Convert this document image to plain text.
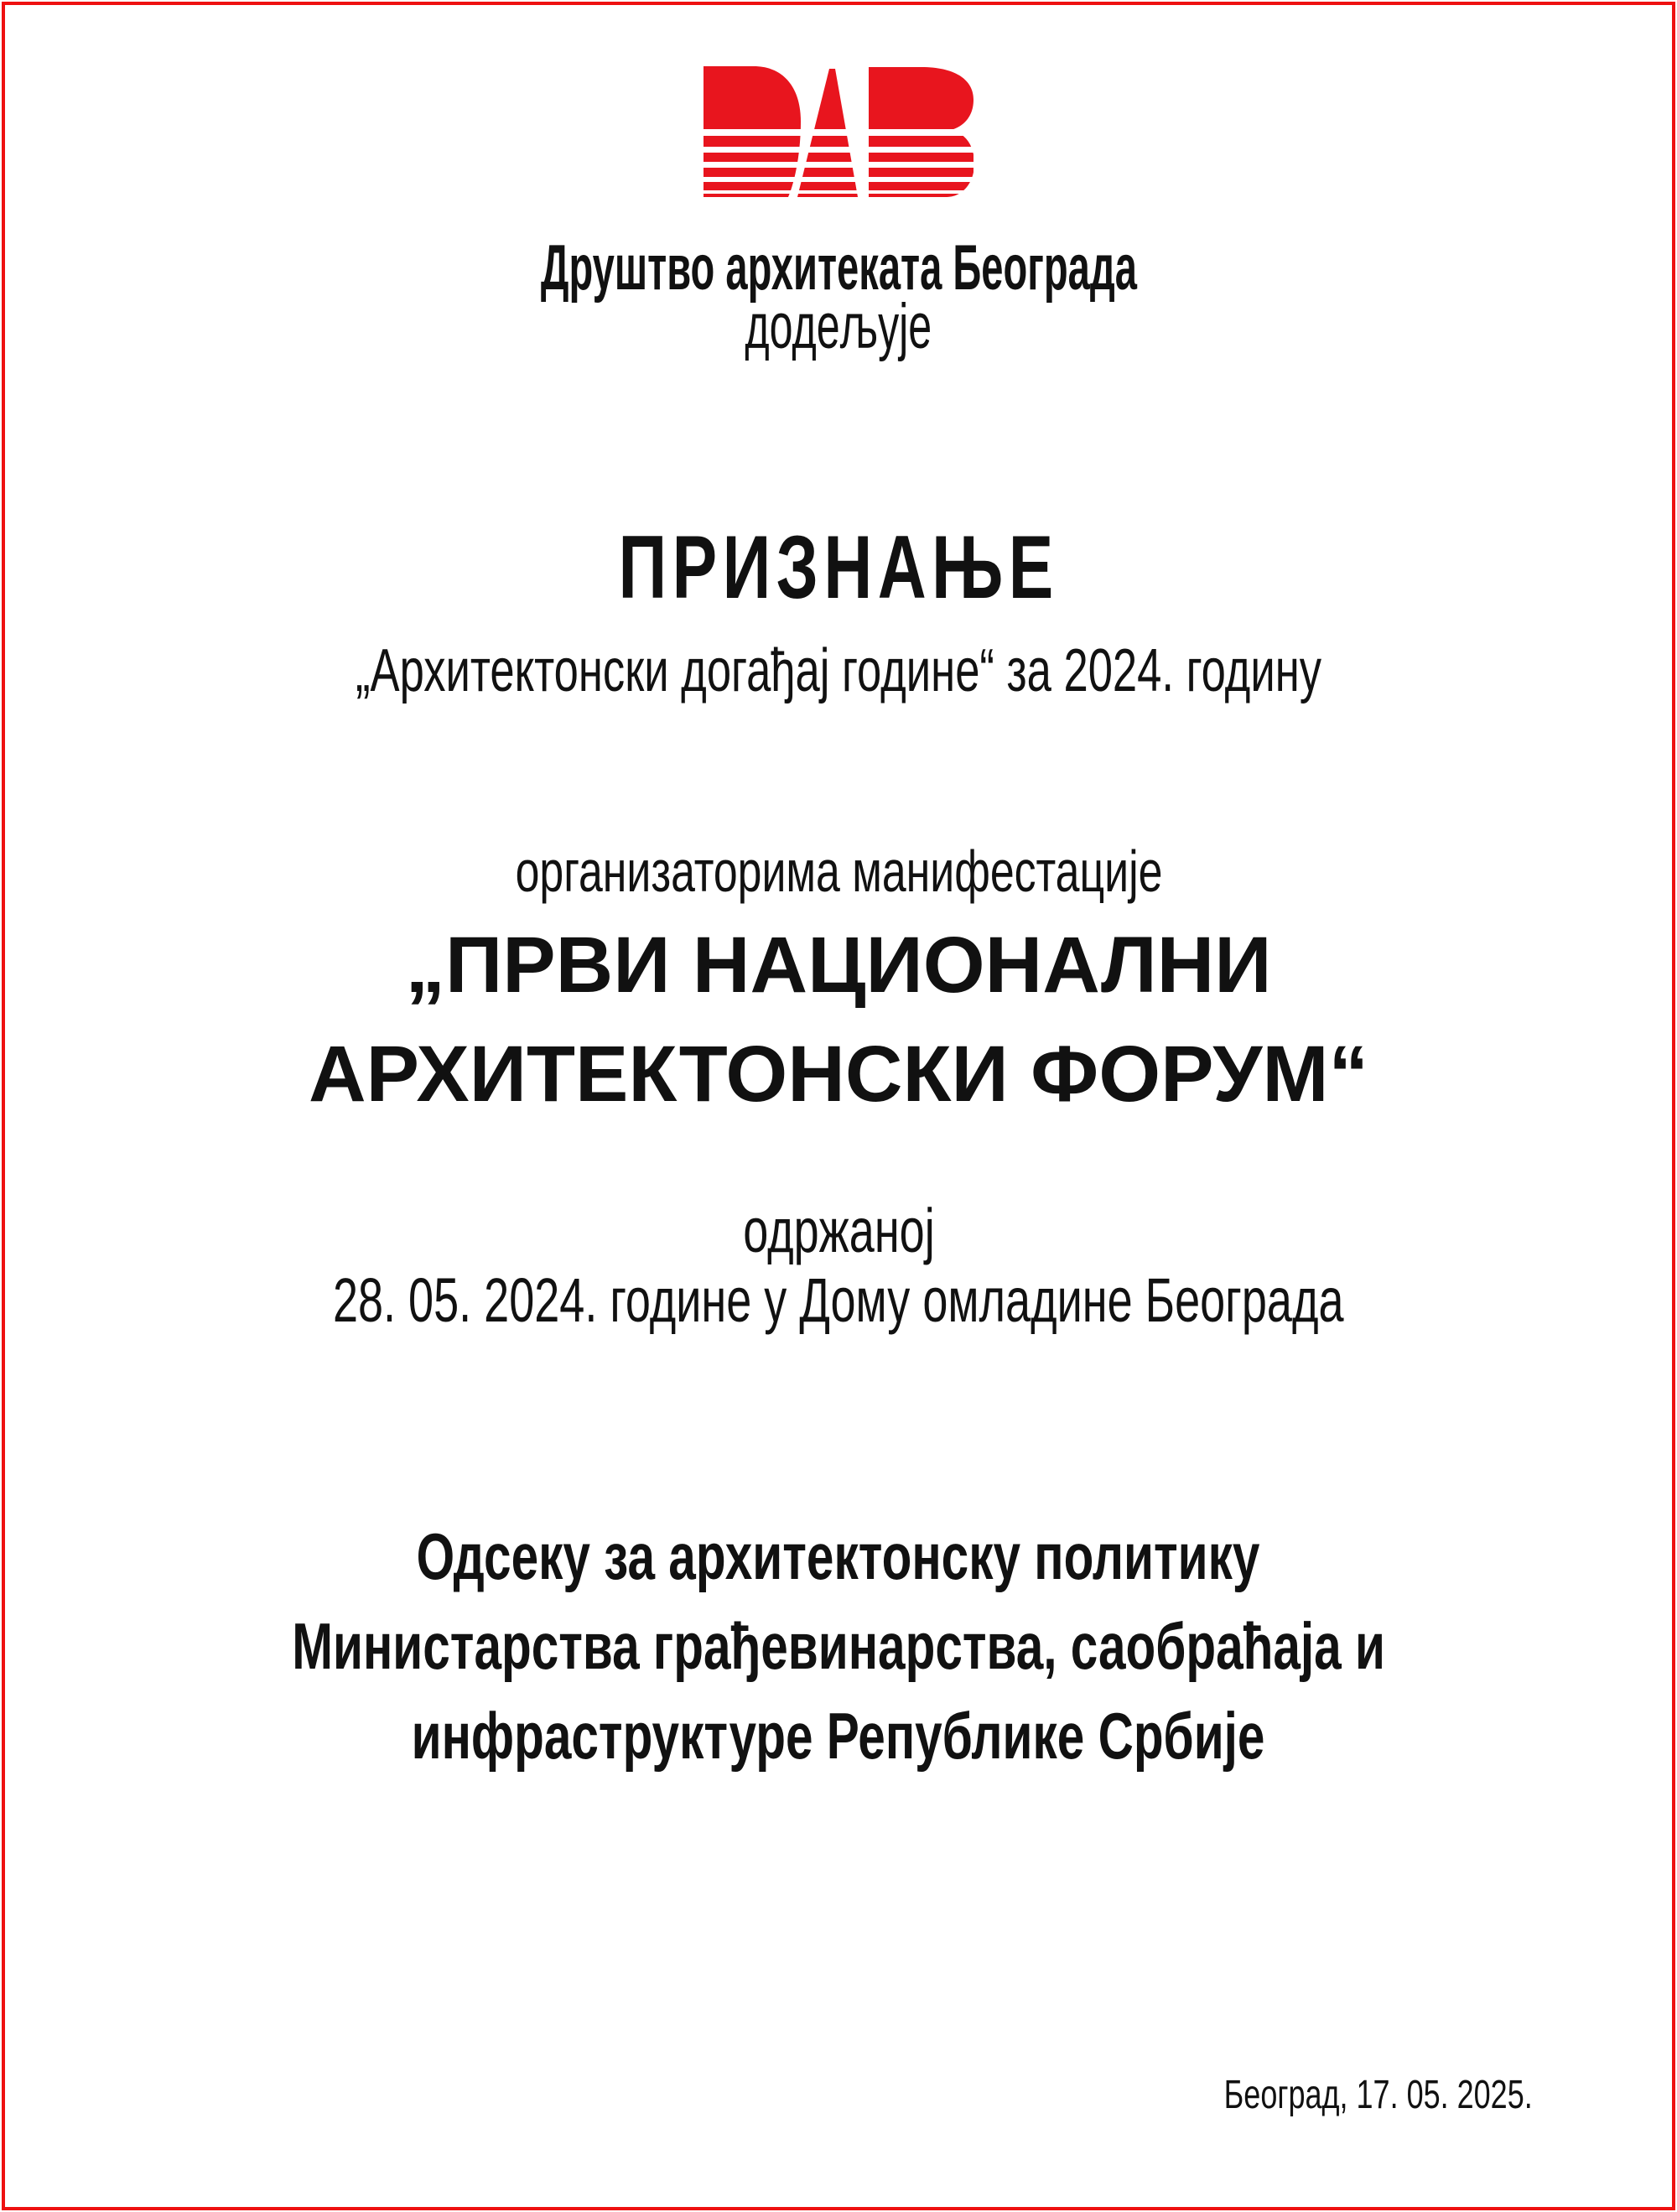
Друштво архитеката Београда
додељује
ПРИЗНАЊЕ
„Архитектонски догађај године“ за 2024. годину
организаторима манифестације
„ПРВИ НАЦИОНАЛНИ
АРХИТЕКТОНСКИ ФОРУМ“
одржаној
28. 05. 2024. године у Дому омладине Београда
Одсеку за архитектонску политику
Министарства грађевинарства, саобраћаја и
инфраструктуре Републике Србије
Београд, 17. 05. 2025.
